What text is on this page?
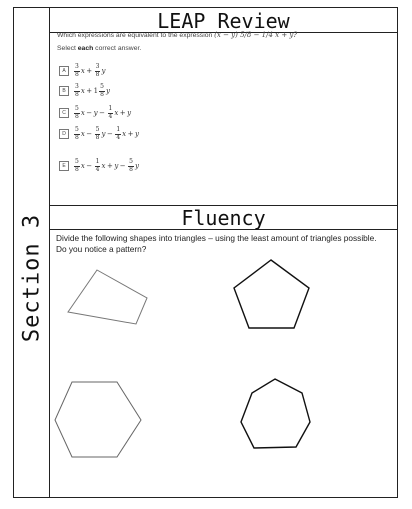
Section 3
LEAP Review
Fluency
Which expressions are equivalent to the expression (x − y) 5/8 − 1/4 x + y?
Select each correct answer.
A	$\frac{3}{8}$ $x + \frac{3}{8}$ y
B	$\frac{3}{8}$ $x + 1 \frac{5}{8}$ y
C	$\frac{5}{8}$ $x - y - \frac{1}{4}$ x + y
D	$\frac{5}{8}$ $x - \frac{5}{8}$ $y - \frac{1}{4}$ x + y
E	$\frac{5}{8}$ $x - \frac{1}{4}$ $x + y - \frac{5}{8}$ y
Divide the following shapes into triangles – using the least amount of triangles possible. Do you notice a pattern?
